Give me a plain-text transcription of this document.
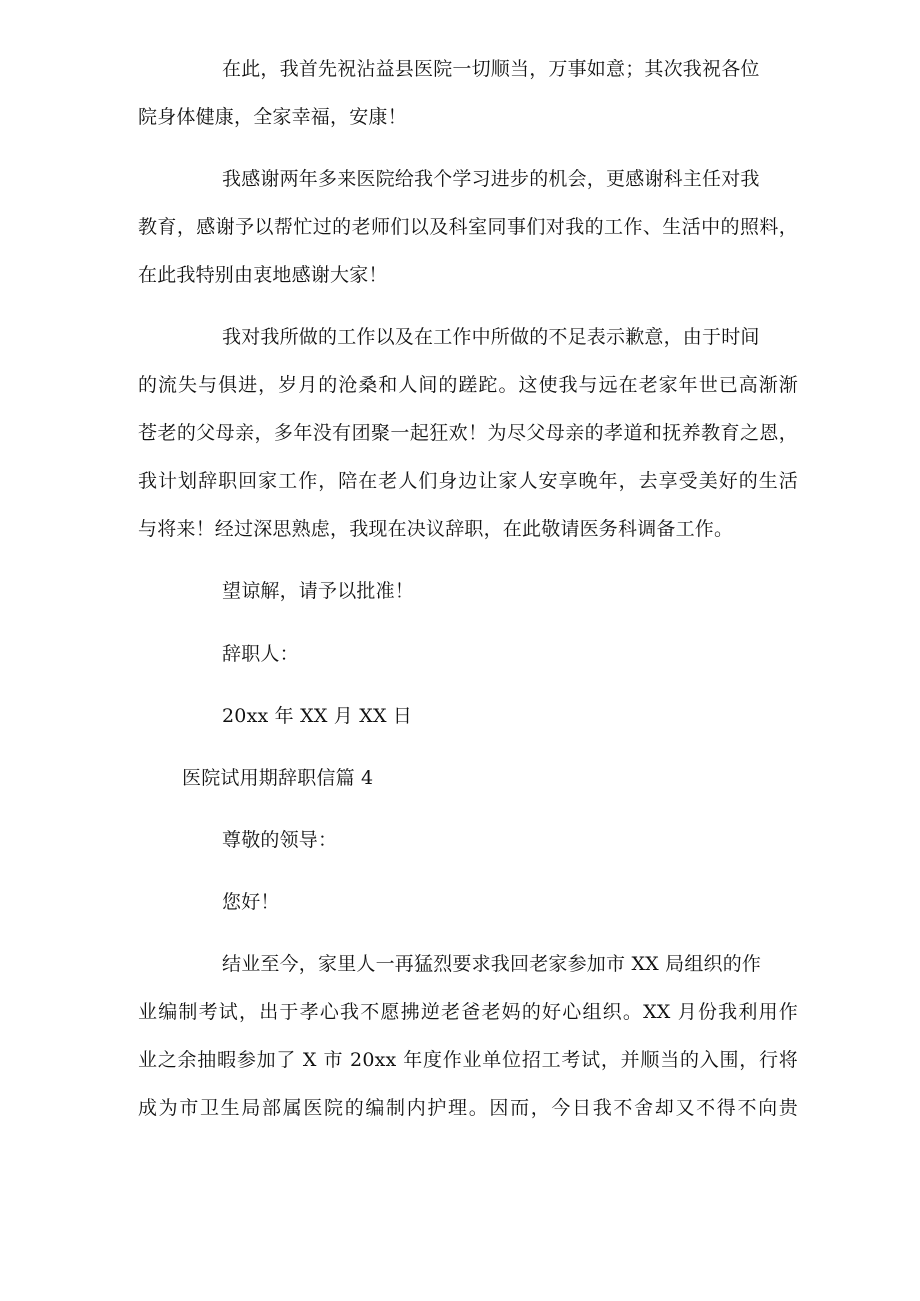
在此，我首先祝沾益县医院一切顺当，万事如意；其次我祝各位
院身体健康，全家幸福，安康！
我感谢两年多来医院给我个学习进步的机会，更感谢科主任对我
教育，感谢予以帮忙过的老师们以及科室同事们对我的工作、生活中的照料，
在此我特别由衷地感谢大家！
我对我所做的工作以及在工作中所做的不足表示歉意，由于时间
的流失与俱进，岁月的沧桑和人间的蹉跎。这使我与远在老家年世已高渐渐
苍老的父母亲，多年没有团聚一起狂欢！为尽父母亲的孝道和抚养教育之恩，
我计划辞职回家工作，陪在老人们身边让家人安享晚年，去享受美好的生活
与将来！经过深思熟虑，我现在决议辞职，在此敬请医务科调备工作。
望谅解，请予以批准！
辞职人：
20xx 年 XX 月 XX 日
医院试用期辞职信篇 4
尊敬的领导：
您好！
结业至今，家里人一再猛烈要求我回老家参加市 XX 局组织的作
业编制考试，出于孝心我不愿拂逆老爸老妈的好心组织。XX 月份我利用作
业之余抽暇参加了 X 市 20xx 年度作业单位招工考试，并顺当的入围，行将
成为市卫生局部属医院的编制内护理。因而，今日我不舍却又不得不向贵
